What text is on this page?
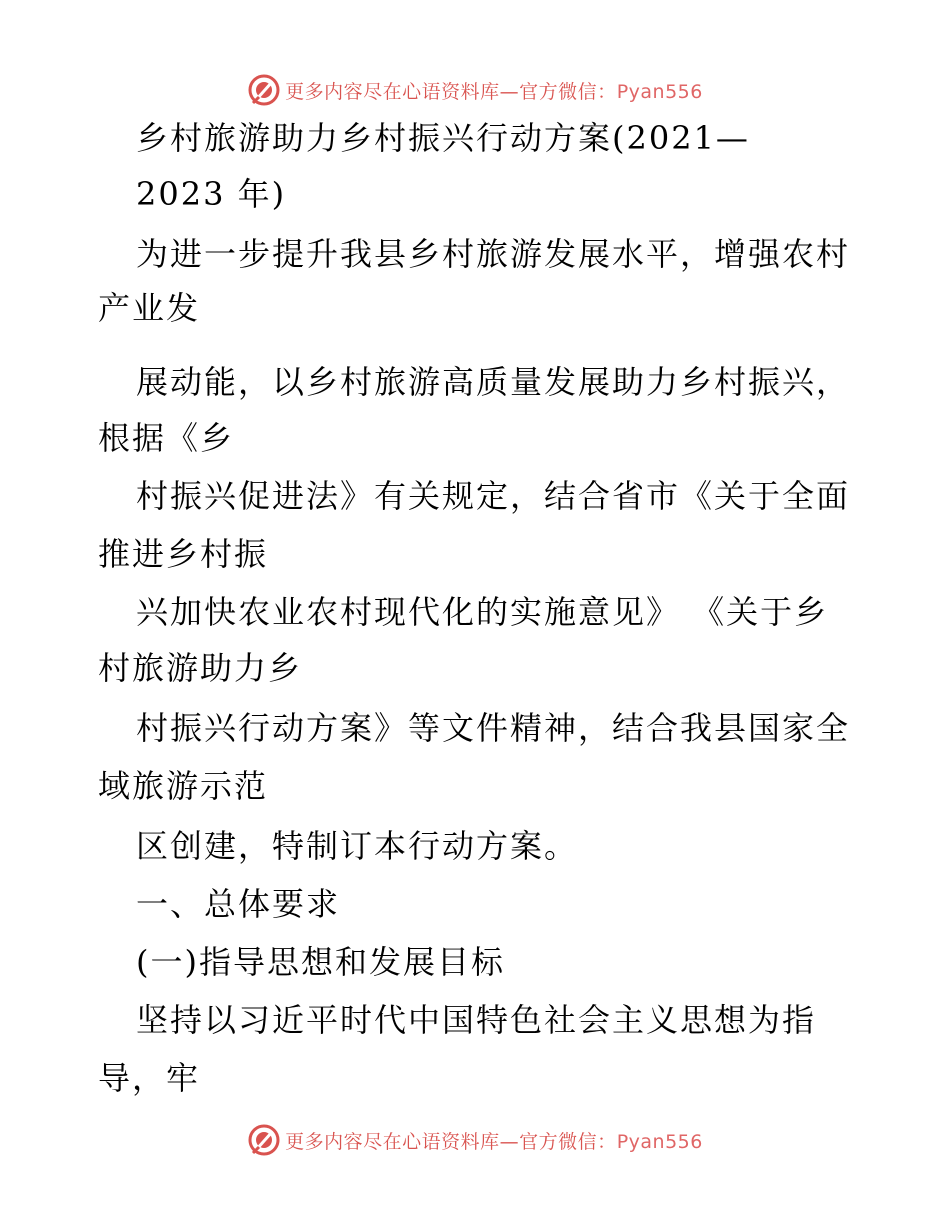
更多内容尽在心语资料库—官方微信：Pyan556
乡村旅游助力乡村振兴行动方案(2021—
2023 年)
为进一步提升我县乡村旅游发展水平，增强农村
产业发
展动能，以乡村旅游高质量发展助力乡村振兴，
根据《乡
村振兴促进法》有关规定，结合省市《关于全面
推进乡村振
兴加快农业农村现代化的实施意见》 《关于乡
村旅游助力乡
村振兴行动方案》等文件精神，结合我县国家全
域旅游示范
区创建，特制订本行动方案。
一、总体要求
(一)指导思想和发展目标
坚持以习近平时代中国特色社会主义思想为指
导，牢
更多内容尽在心语资料库—官方微信：Pyan556
